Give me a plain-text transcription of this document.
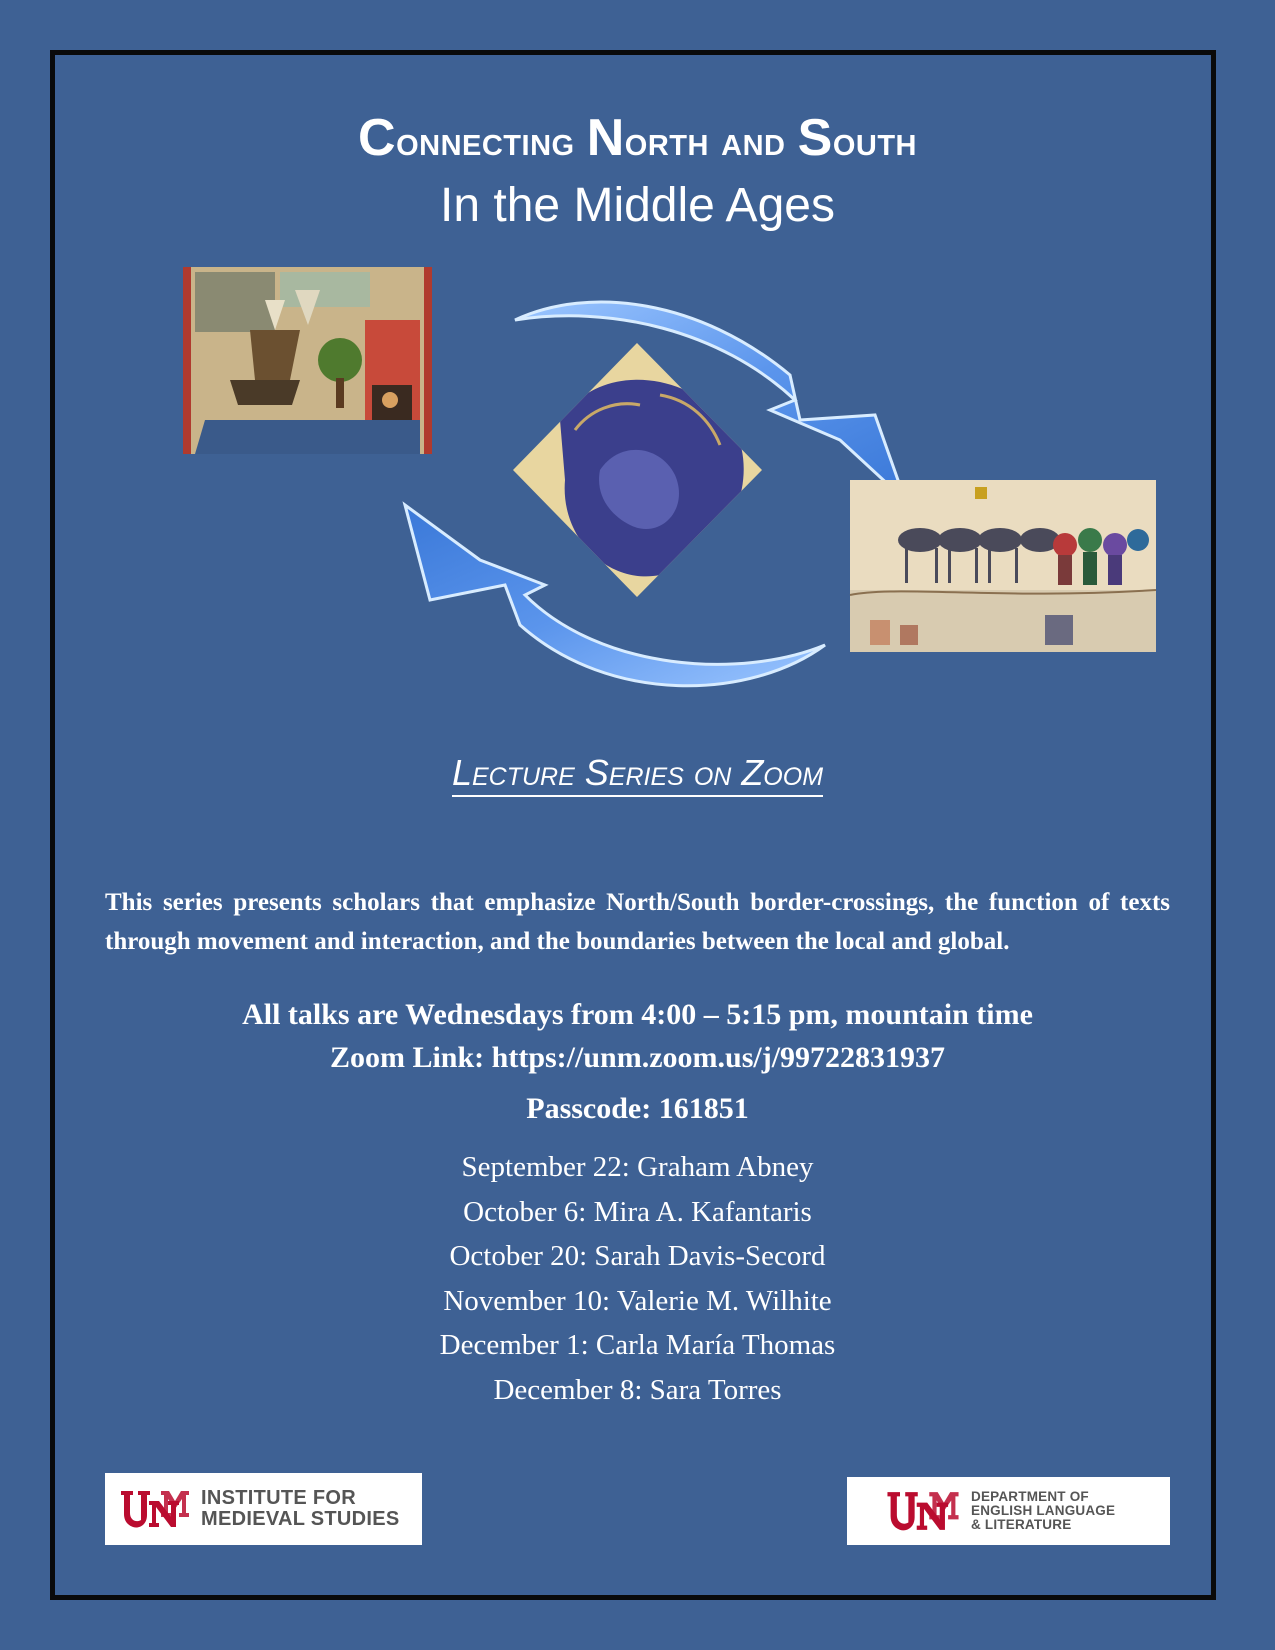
Connecting North and South
In the Middle Ages
Lecture Series on Zoom

This series presents scholars that emphasize North/South border-crossings, the function of texts through movement and interaction, and the boundaries between the local and global.

All talks are Wednesdays from 4:00 – 5:15 pm, mountain time
Zoom Link: https://unm.zoom.us/j/99722831937
Passcode: 161851
September 22: Graham Abney
October 6: Mira A. Kafantaris
October 20: Sarah Davis-Secord
November 10: Valerie M. Wilhite
December 1: Carla María Thomas
December 8: Sara Torres
INSTITUTE FOR
MEDIEVAL STUDIES
DEPARTMENT OF
ENGLISH LANGUAGE
& LITERATURE
